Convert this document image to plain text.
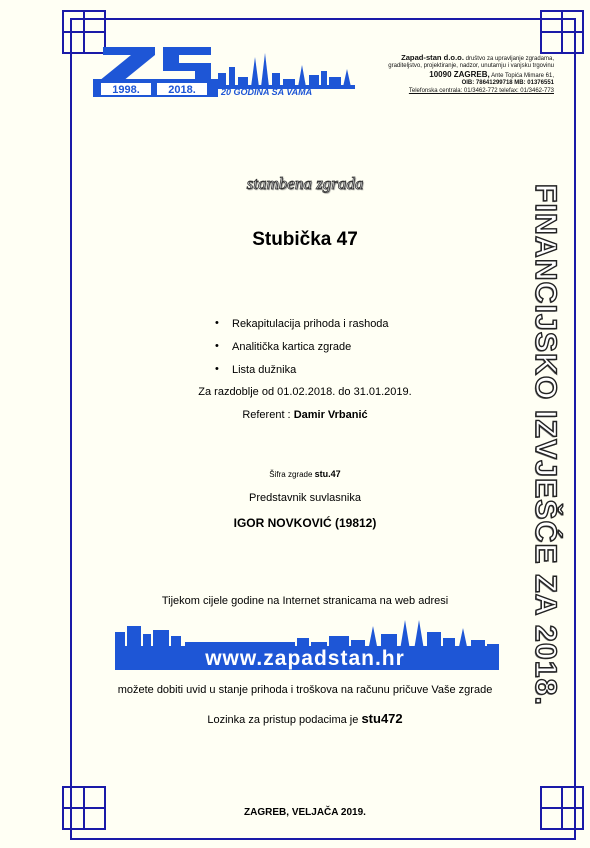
1998.	2018.	20 GODINA SA VAMA
Zapad-stan d.o.o. društvo za upravljanje zgradama,
graditeljstvo, projektiranje, nadzor, unutarnju i vanjsku trgovinu
10090 ZAGREB, Ante Topića Mimare 61,
OIB: 78641299718 MB: 01376551
Telefonska centrala: 01/3462-772 telefax: 01/3462-773
FINANCIJSKO IZVJEŠĆE ZA 2018.
stambena zgrada
Stubička 47
• Rekapitulacija prihoda i rashoda
• Analitička kartica zgrade
• Lista dužnika
Za razdoblje od 01.02.2018. do 31.01.2019.
Referent : Damir Vrbanić
Šifra zgrade stu.47
Predstavnik suvlasnika
IGOR NOVKOVIĆ (19812)
Tijekom cijele godine na Internet stranicama na web adresi
www.zapadstan.hr
možete dobiti uvid u stanje prihoda i troškova na računu pričuve Vaše zgrade
Lozinka za pristup podacima je stu472
ZAGREB, VELJAČA 2019.
